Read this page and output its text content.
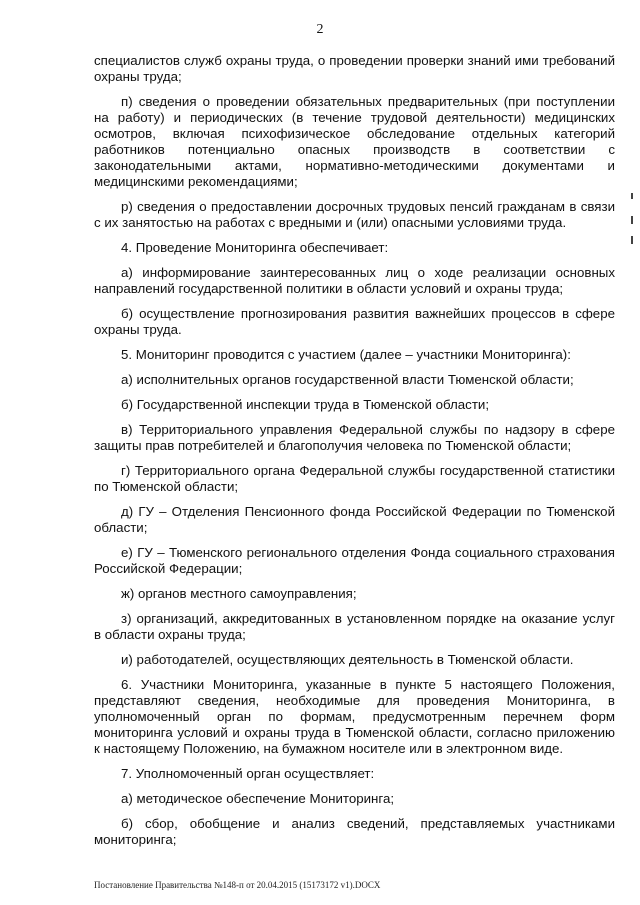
2

специалистов служб охраны труда, о проведении проверки знаний ими требований охраны труда;

п) сведения о проведении обязательных предварительных (при поступлении на работу) и периодических (в течение трудовой деятельности) медицинских осмотров, включая психофизическое обследование отдельных категорий работников потенциально опасных производств в соответствии с законодательными актами, нормативно-методическими документами и медицинскими рекомендациями;

р) сведения о предоставлении досрочных трудовых пенсий гражданам в связи с их занятостью на работах с вредными и (или) опасными условиями труда.

4. Проведение Мониторинга обеспечивает:

а) информирование заинтересованных лиц о ходе реализации основных направлений государственной политики в области условий и охраны труда;

б) осуществление прогнозирования развития важнейших процессов в сфере охраны труда.

5. Мониторинг проводится с участием (далее – участники Мониторинга):

а) исполнительных органов государственной власти Тюменской области;

б) Государственной инспекции труда в Тюменской области;

в) Территориального управления Федеральной службы по надзору в сфере защиты прав потребителей и благополучия человека по Тюменской области;

г) Территориального органа Федеральной службы государственной статистики по Тюменской области;

д) ГУ – Отделения Пенсионного фонда Российской Федерации по Тюменской области;

е) ГУ – Тюменского регионального отделения Фонда социального страхования Российской Федерации;

ж) органов местного самоуправления;

з) организаций, аккредитованных в установленном порядке на оказание услуг в области охраны труда;

и) работодателей, осуществляющих деятельность в Тюменской области.

6. Участники Мониторинга, указанные в пункте 5 настоящего Положения, представляют сведения, необходимые для проведения Мониторинга, в уполномоченный орган по формам, предусмотренным перечнем форм мониторинга условий и охраны труда в Тюменской области, согласно приложению к настоящему Положению, на бумажном носителе или в электронном виде.

7. Уполномоченный орган осуществляет:

а) методическое обеспечение Мониторинга;

б) сбор, обобщение и анализ сведений, представляемых участниками мониторинга;

Постановление Правительства №148-п от 20.04.2015 (15173172 v1).DOCX
